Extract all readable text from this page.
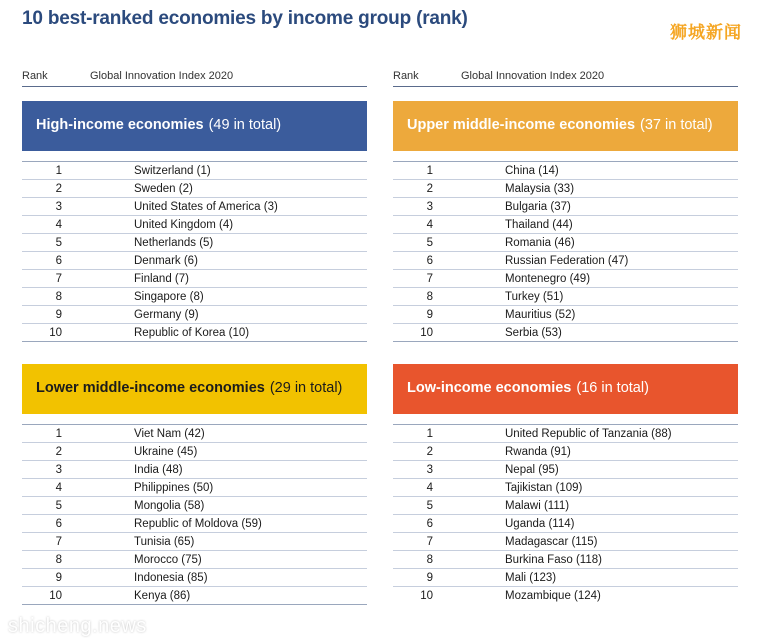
10 best-ranked economies by income group (rank)
狮城新闻
shicheng.news
Rank	Global Innovation Index 2020
High-income economies (49 in total)
1	Switzerland (1)
2	Sweden (2)
3	United States of America (3)
4	United Kingdom (4)
5	Netherlands (5)
6	Denmark (6)
7	Finland (7)
8	Singapore (8)
9	Germany (9)
10	Republic of Korea (10)
Rank	Global Innovation Index 2020
Upper middle-income economies (37 in total)
1	China (14)
2	Malaysia (33)
3	Bulgaria (37)
4	Thailand (44)
5	Romania (46)
6	Russian Federation (47)
7	Montenegro (49)
8	Turkey (51)
9	Mauritius (52)
10	Serbia (53)
Lower middle-income economies (29 in total)
1	Viet Nam (42)
2	Ukraine (45)
3	India (48)
4	Philippines (50)
5	Mongolia (58)
6	Republic of Moldova (59)
7	Tunisia (65)
8	Morocco (75)
9	Indonesia (85)
10	Kenya (86)
Low-income economies (16 in total)
1	United Republic of Tanzania (88)
2	Rwanda (91)
3	Nepal (95)
4	Tajikistan (109)
5	Malawi (111)
6	Uganda (114)
7	Madagascar (115)
8	Burkina Faso (118)
9	Mali (123)
10	Mozambique (124)
